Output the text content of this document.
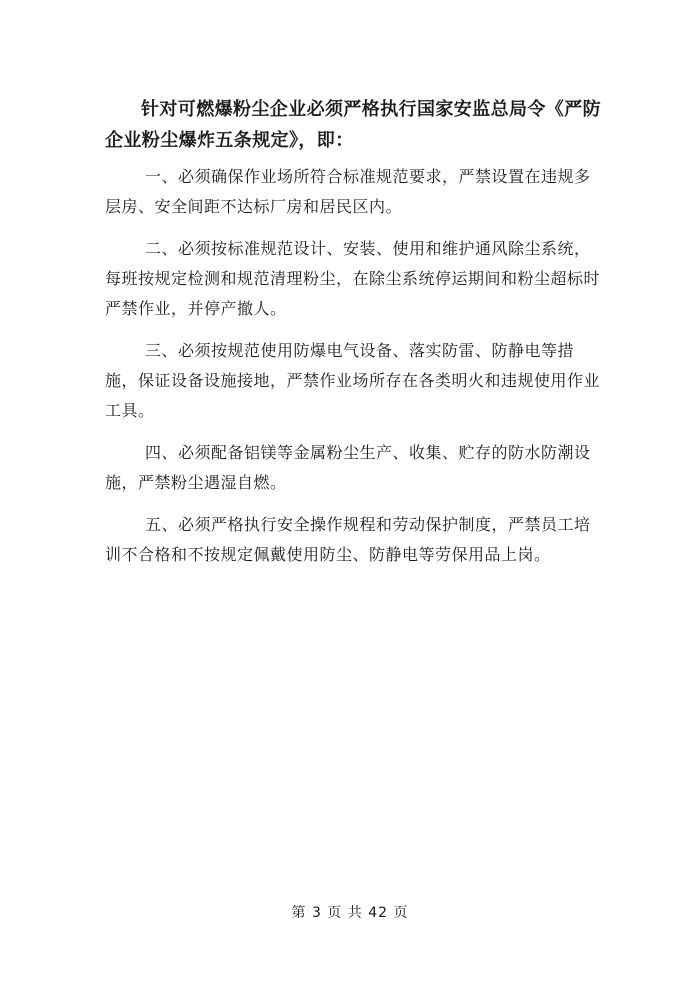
针对可燃爆粉尘企业必须严格执行国家安监总局令《严防企业粉尘爆炸五条规定》，即：

一、必须确保作业场所符合标准规范要求，严禁设置在违规多层房、安全间距不达标厂房和居民区内。

二、必须按标准规范设计、安装、使用和维护通风除尘系统，每班按规定检测和规范清理粉尘，在除尘系统停运期间和粉尘超标时严禁作业，并停产撤人。

三、必须按规范使用防爆电气设备、落实防雷、防静电等措施，保证设备设施接地，严禁作业场所存在各类明火和违规使用作业工具。

四、必须配备铝镁等金属粉尘生产、收集、贮存的防水防潮设施，严禁粉尘遇湿自燃。

五、必须严格执行安全操作规程和劳动保护制度，严禁员工培训不合格和不按规定佩戴使用防尘、防静电等劳保用品上岗。

第 3 页 共 42 页
